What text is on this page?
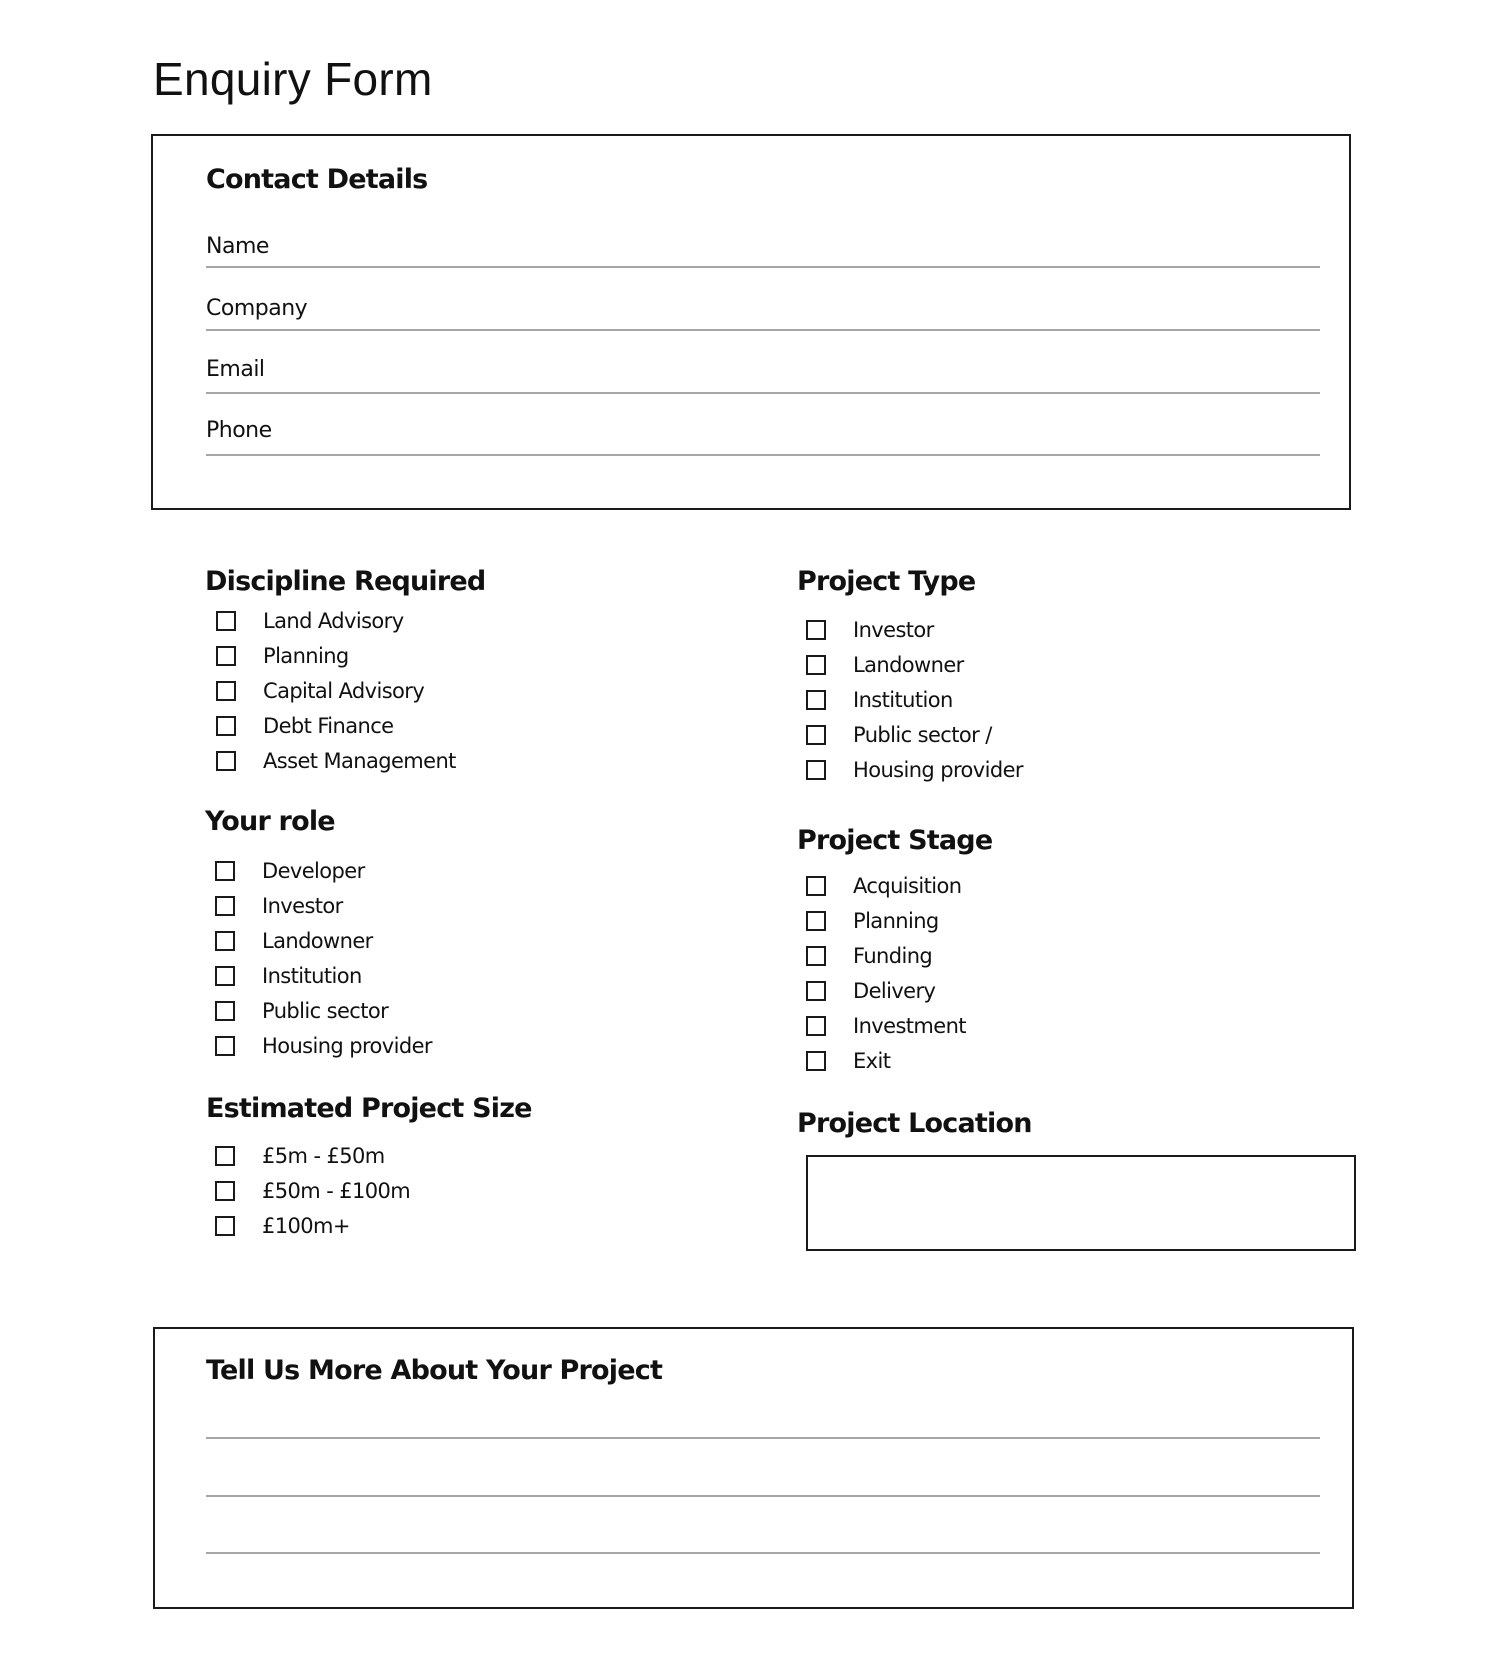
Enquiry Form
Contact Details
Name
Company
Email
Phone
Discipline Required
Land Advisory
Planning
Capital Advisory
Debt Finance
Asset Management
Your role
Developer
Investor
Landowner
Institution
Public sector
Housing provider
Estimated Project Size
£5m - £50m
£50m - £100m
£100m+
Project Type
Investor
Landowner
Institution
Public sector /
Housing provider
Project Stage
Acquisition
Planning
Funding
Delivery
Investment
Exit
Project Location
Tell Us More About Your Project
